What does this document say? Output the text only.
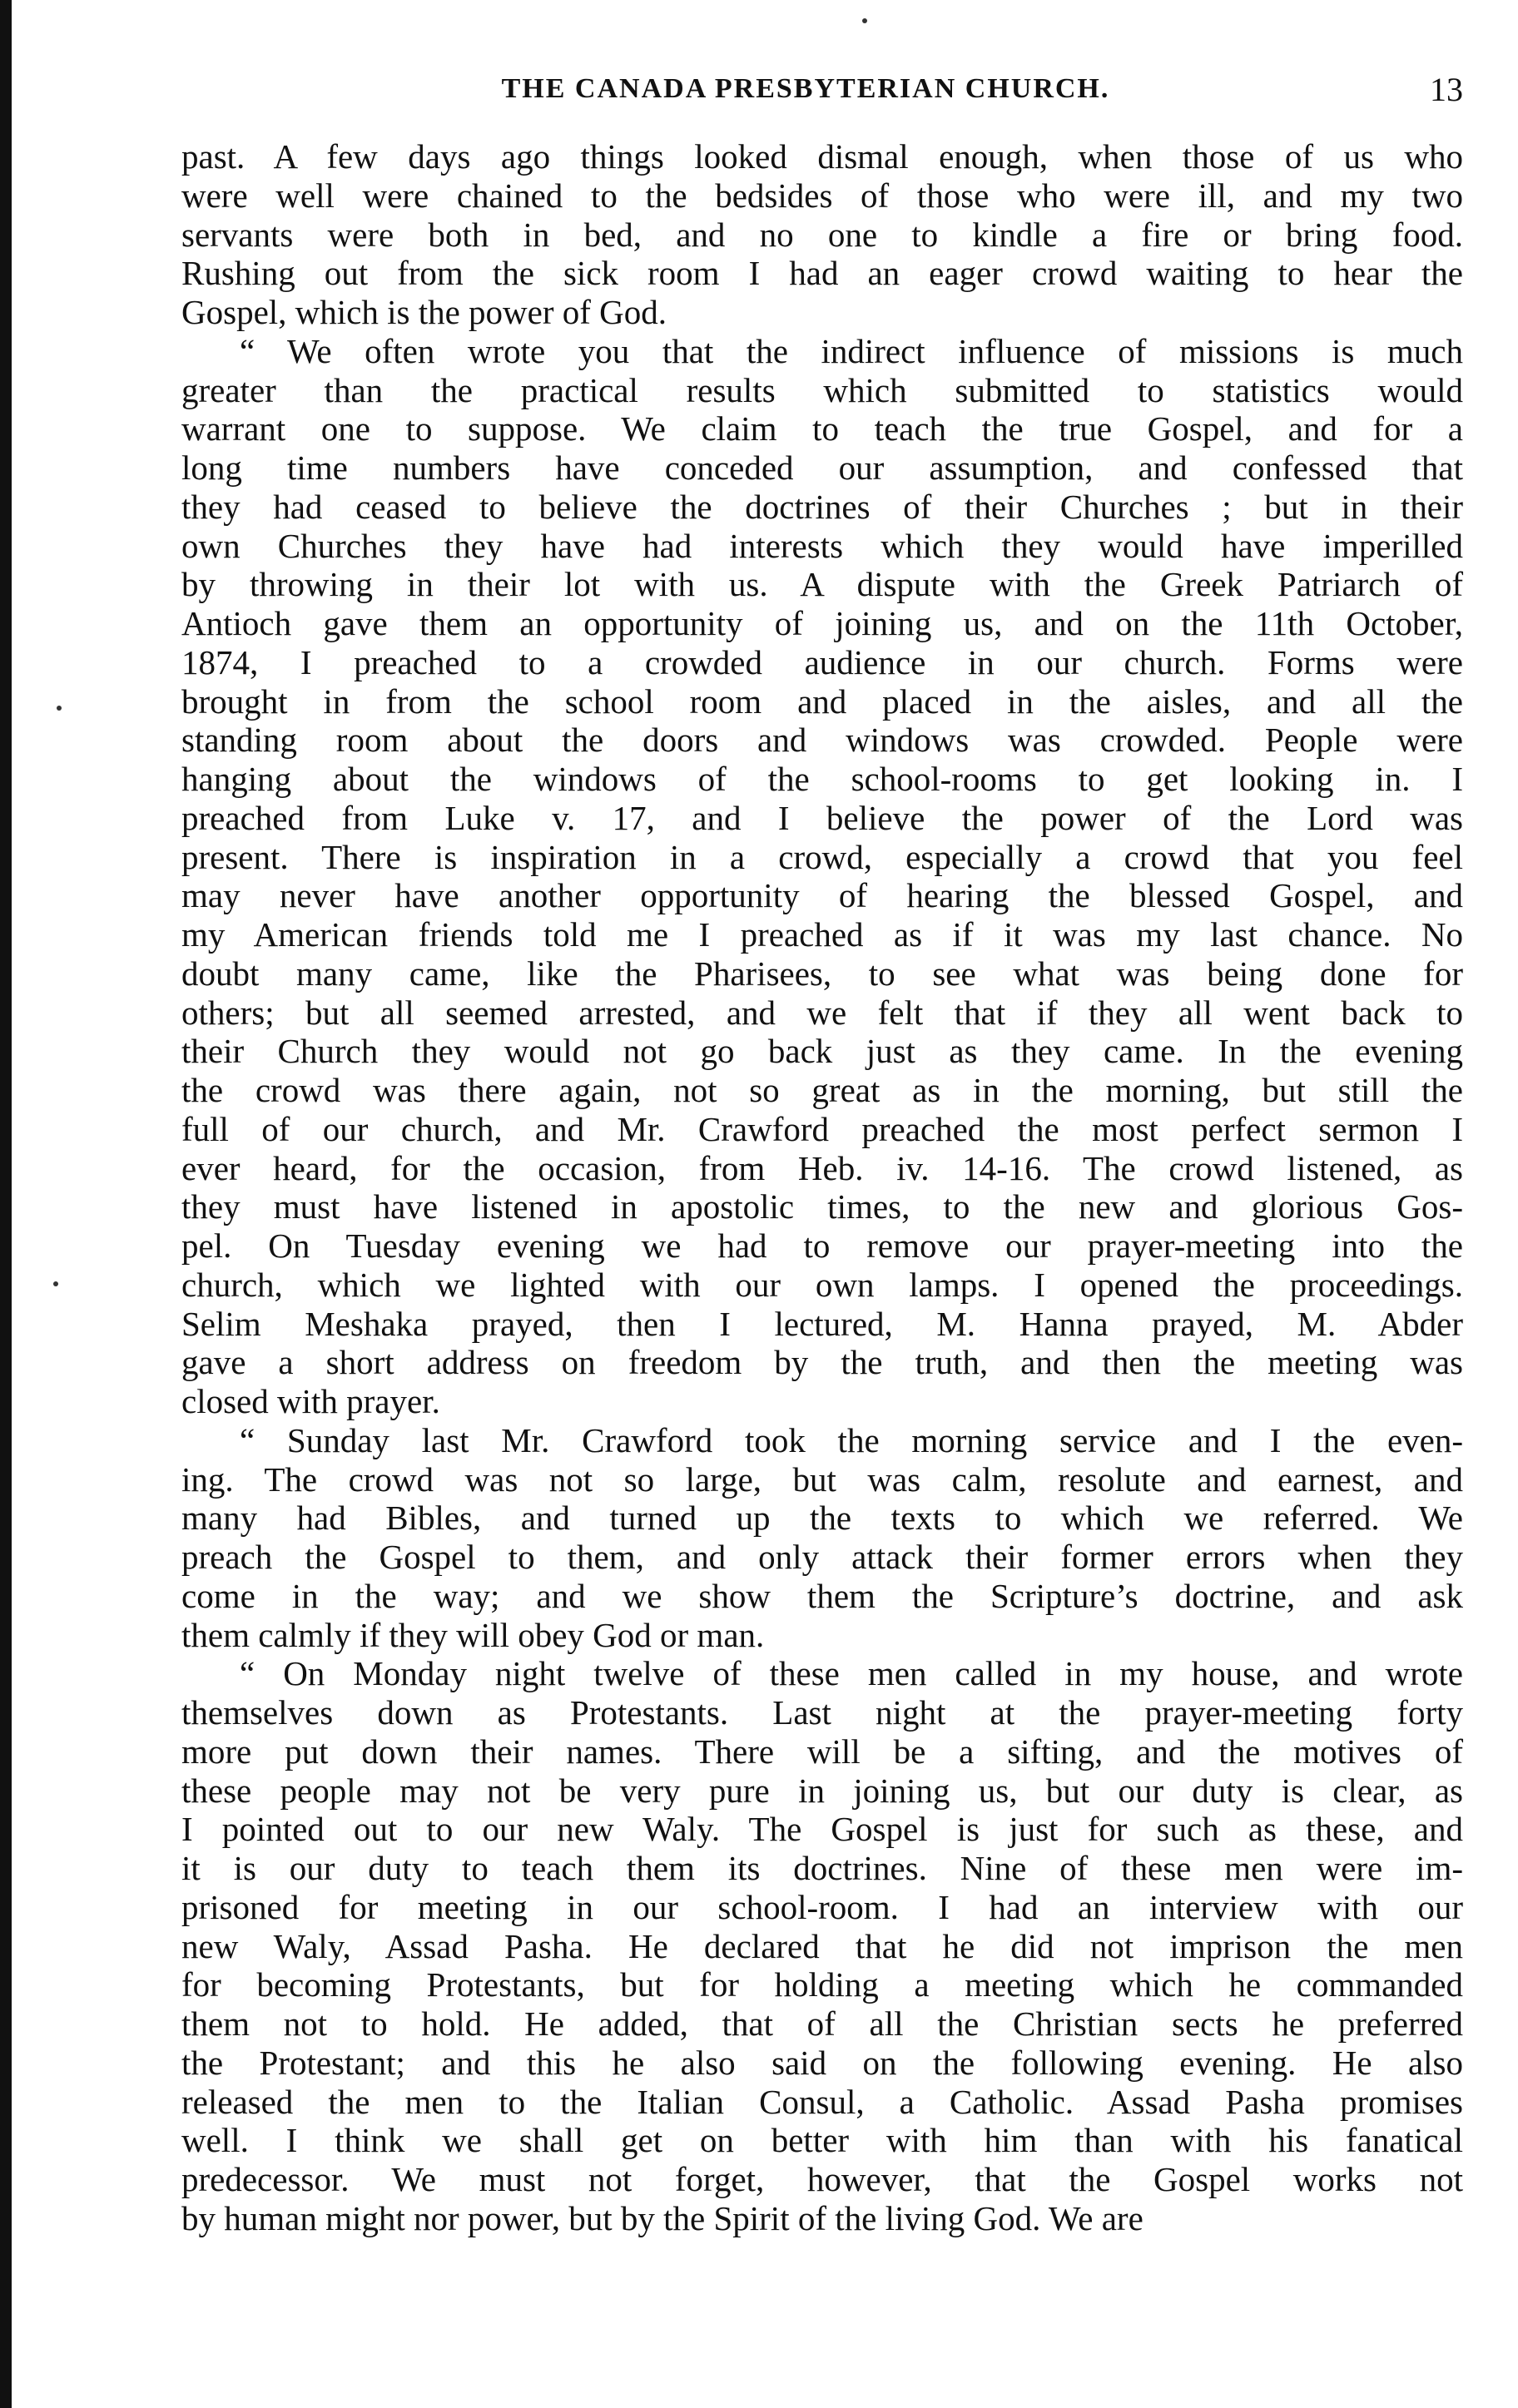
THE CANADA PRESBYTERIAN CHURCH.	13
past. A few days ago things looked dismal enough, when those of us who
were well were chained to the bedsides of those who were ill, and my two
servants were both in bed, and no one to kindle a fire or bring food.
Rushing out from the sick room I had an eager crowd waiting to hear the
Gospel, which is the power of God.
“ We often wrote you that the indirect influence of missions is much
greater than the practical results which submitted to statistics would
warrant one to suppose. We claim to teach the true Gospel, and for a
long time numbers have conceded our assumption, and confessed that
they had ceased to believe the doctrines of their Churches ; but in their
own Churches they have had interests which they would have imperilled
by throwing in their lot with us. A dispute with the Greek Patriarch of
Antioch gave them an opportunity of joining us, and on the 11th October,
1874, I preached to a crowded audience in our church. Forms were
brought in from the school room and placed in the aisles, and all the
standing room about the doors and windows was crowded. People were
hanging about the windows of the school-rooms to get looking in. I
preached from Luke v. 17, and I believe the power of the Lord was
present. There is inspiration in a crowd, especially a crowd that you feel
may never have another opportunity of hearing the blessed Gospel, and
my American friends told me I preached as if it was my last chance. No
doubt many came, like the Pharisees, to see what was being done for
others; but all seemed arrested, and we felt that if they all went back to
their Church they would not go back just as they came. In the evening
the crowd was there again, not so great as in the morning, but still the
full of our church, and Mr. Crawford preached the most perfect sermon I
ever heard, for the occasion, from Heb. iv. 14-16. The crowd listened, as
they must have listened in apostolic times, to the new and glorious Gos-
pel. On Tuesday evening we had to remove our prayer-meeting into the
church, which we lighted with our own lamps. I opened the proceedings.
Selim Meshaka prayed, then I lectured, M. Hanna prayed, M. Abder
gave a short address on freedom by the truth, and then the meeting was
closed with prayer.
“ Sunday last Mr. Crawford took the morning service and I the even-
ing. The crowd was not so large, but was calm, resolute and earnest, and
many had Bibles, and turned up the texts to which we referred. We
preach the Gospel to them, and only attack their former errors when they
come in the way; and we show them the Scripture’s doctrine, and ask
them calmly if they will obey God or man.
“ On Monday night twelve of these men called in my house, and wrote
themselves down as Protestants. Last night at the prayer-meeting forty
more put down their names. There will be a sifting, and the motives of
these people may not be very pure in joining us, but our duty is clear, as
I pointed out to our new Waly. The Gospel is just for such as these, and
it is our duty to teach them its doctrines. Nine of these men were im-
prisoned for meeting in our school-room. I had an interview with our
new Waly, Assad Pasha. He declared that he did not imprison the men
for becoming Protestants, but for holding a meeting which he commanded
them not to hold. He added, that of all the Christian sects he preferred
the Protestant; and this he also said on the following evening. He also
released the men to the Italian Consul, a Catholic. Assad Pasha promises
well. I think we shall get on better with him than with his fanatical
predecessor. We must not forget, however, that the Gospel works not
by human might nor power, but by the Spirit of the living God. We are
